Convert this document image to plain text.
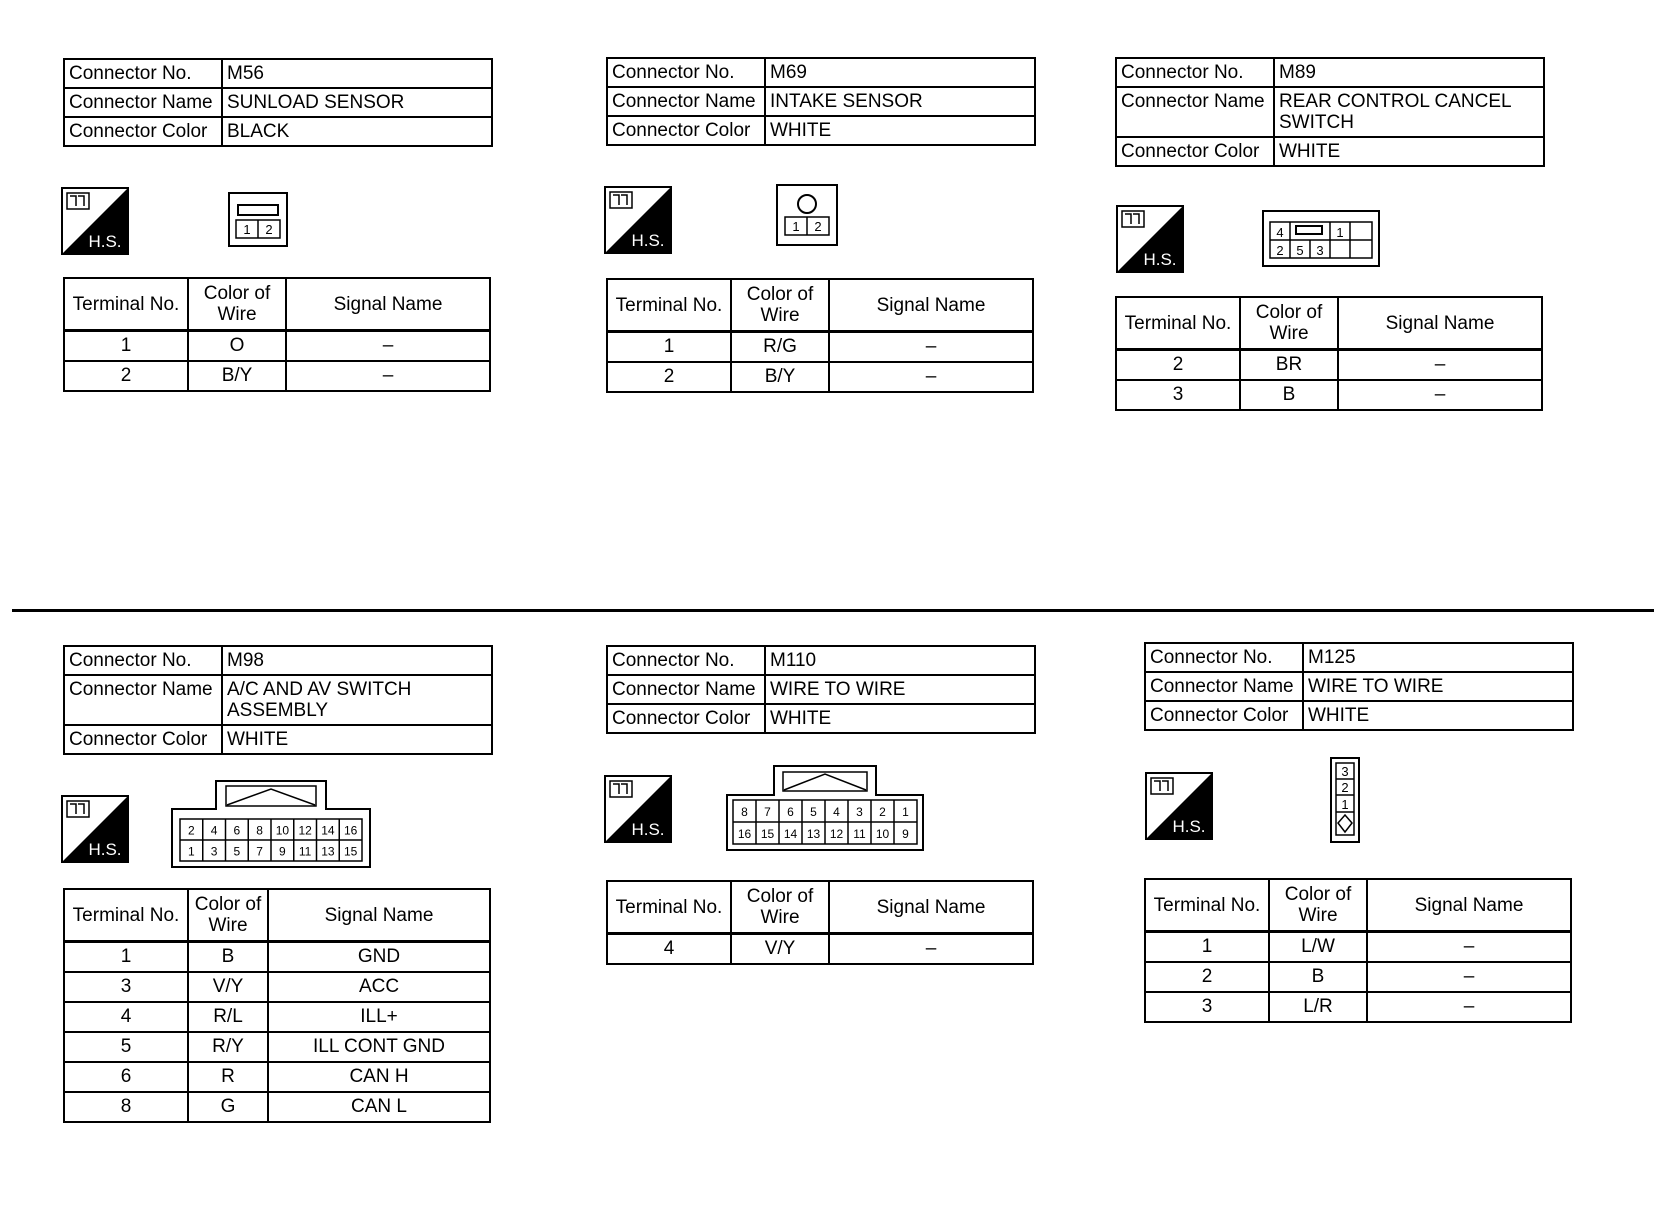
Connector No.	M56
Connector Name	SUNLOAD SENSOR
Connector Color	BLACK
H.S.
1 2
Terminal No.	Color of Wire	Signal Name
1	O	–
2	B/Y	–
Connector No.	M69
Connector Name	INTAKE SENSOR
Connector Color	WHITE
H.S.
1 2
Terminal No.	Color of Wire	Signal Name
1	R/G	–
2	B/Y	–
Connector No.	M89
Connector Name	REAR CONTROL CANCEL SWITCH
Connector Color	WHITE
H.S.
4	1
2 5 3
Terminal No.	Color of Wire	Signal Name
2	BR	–
3	B	–
Connector No.	M98
Connector Name	A/C AND AV SWITCH ASSEMBLY
Connector Color	WHITE
H.S.
2 4 6 8 10 12 14 16
1 3 5 7 9 11 13 15
Terminal No.	Color of Wire	Signal Name
1	B	GND
3	V/Y	ACC
4	R/L	ILL+
5	R/Y	ILL CONT GND
6	R	CAN H
8	G	CAN L
Connector No.	M110
Connector Name	WIRE TO WIRE
Connector Color	WHITE
H.S.
8 7 6 5 4 3 2 1
16 15 14 13 12 11 10 9
Terminal No.	Color of Wire	Signal Name
4	V/Y	–
Connector No.	M125
Connector Name	WIRE TO WIRE
Connector Color	WHITE
H.S.
3
2
1
Terminal No.	Color of Wire	Signal Name
1	L/W	–
2	B	–
3	L/R	–
